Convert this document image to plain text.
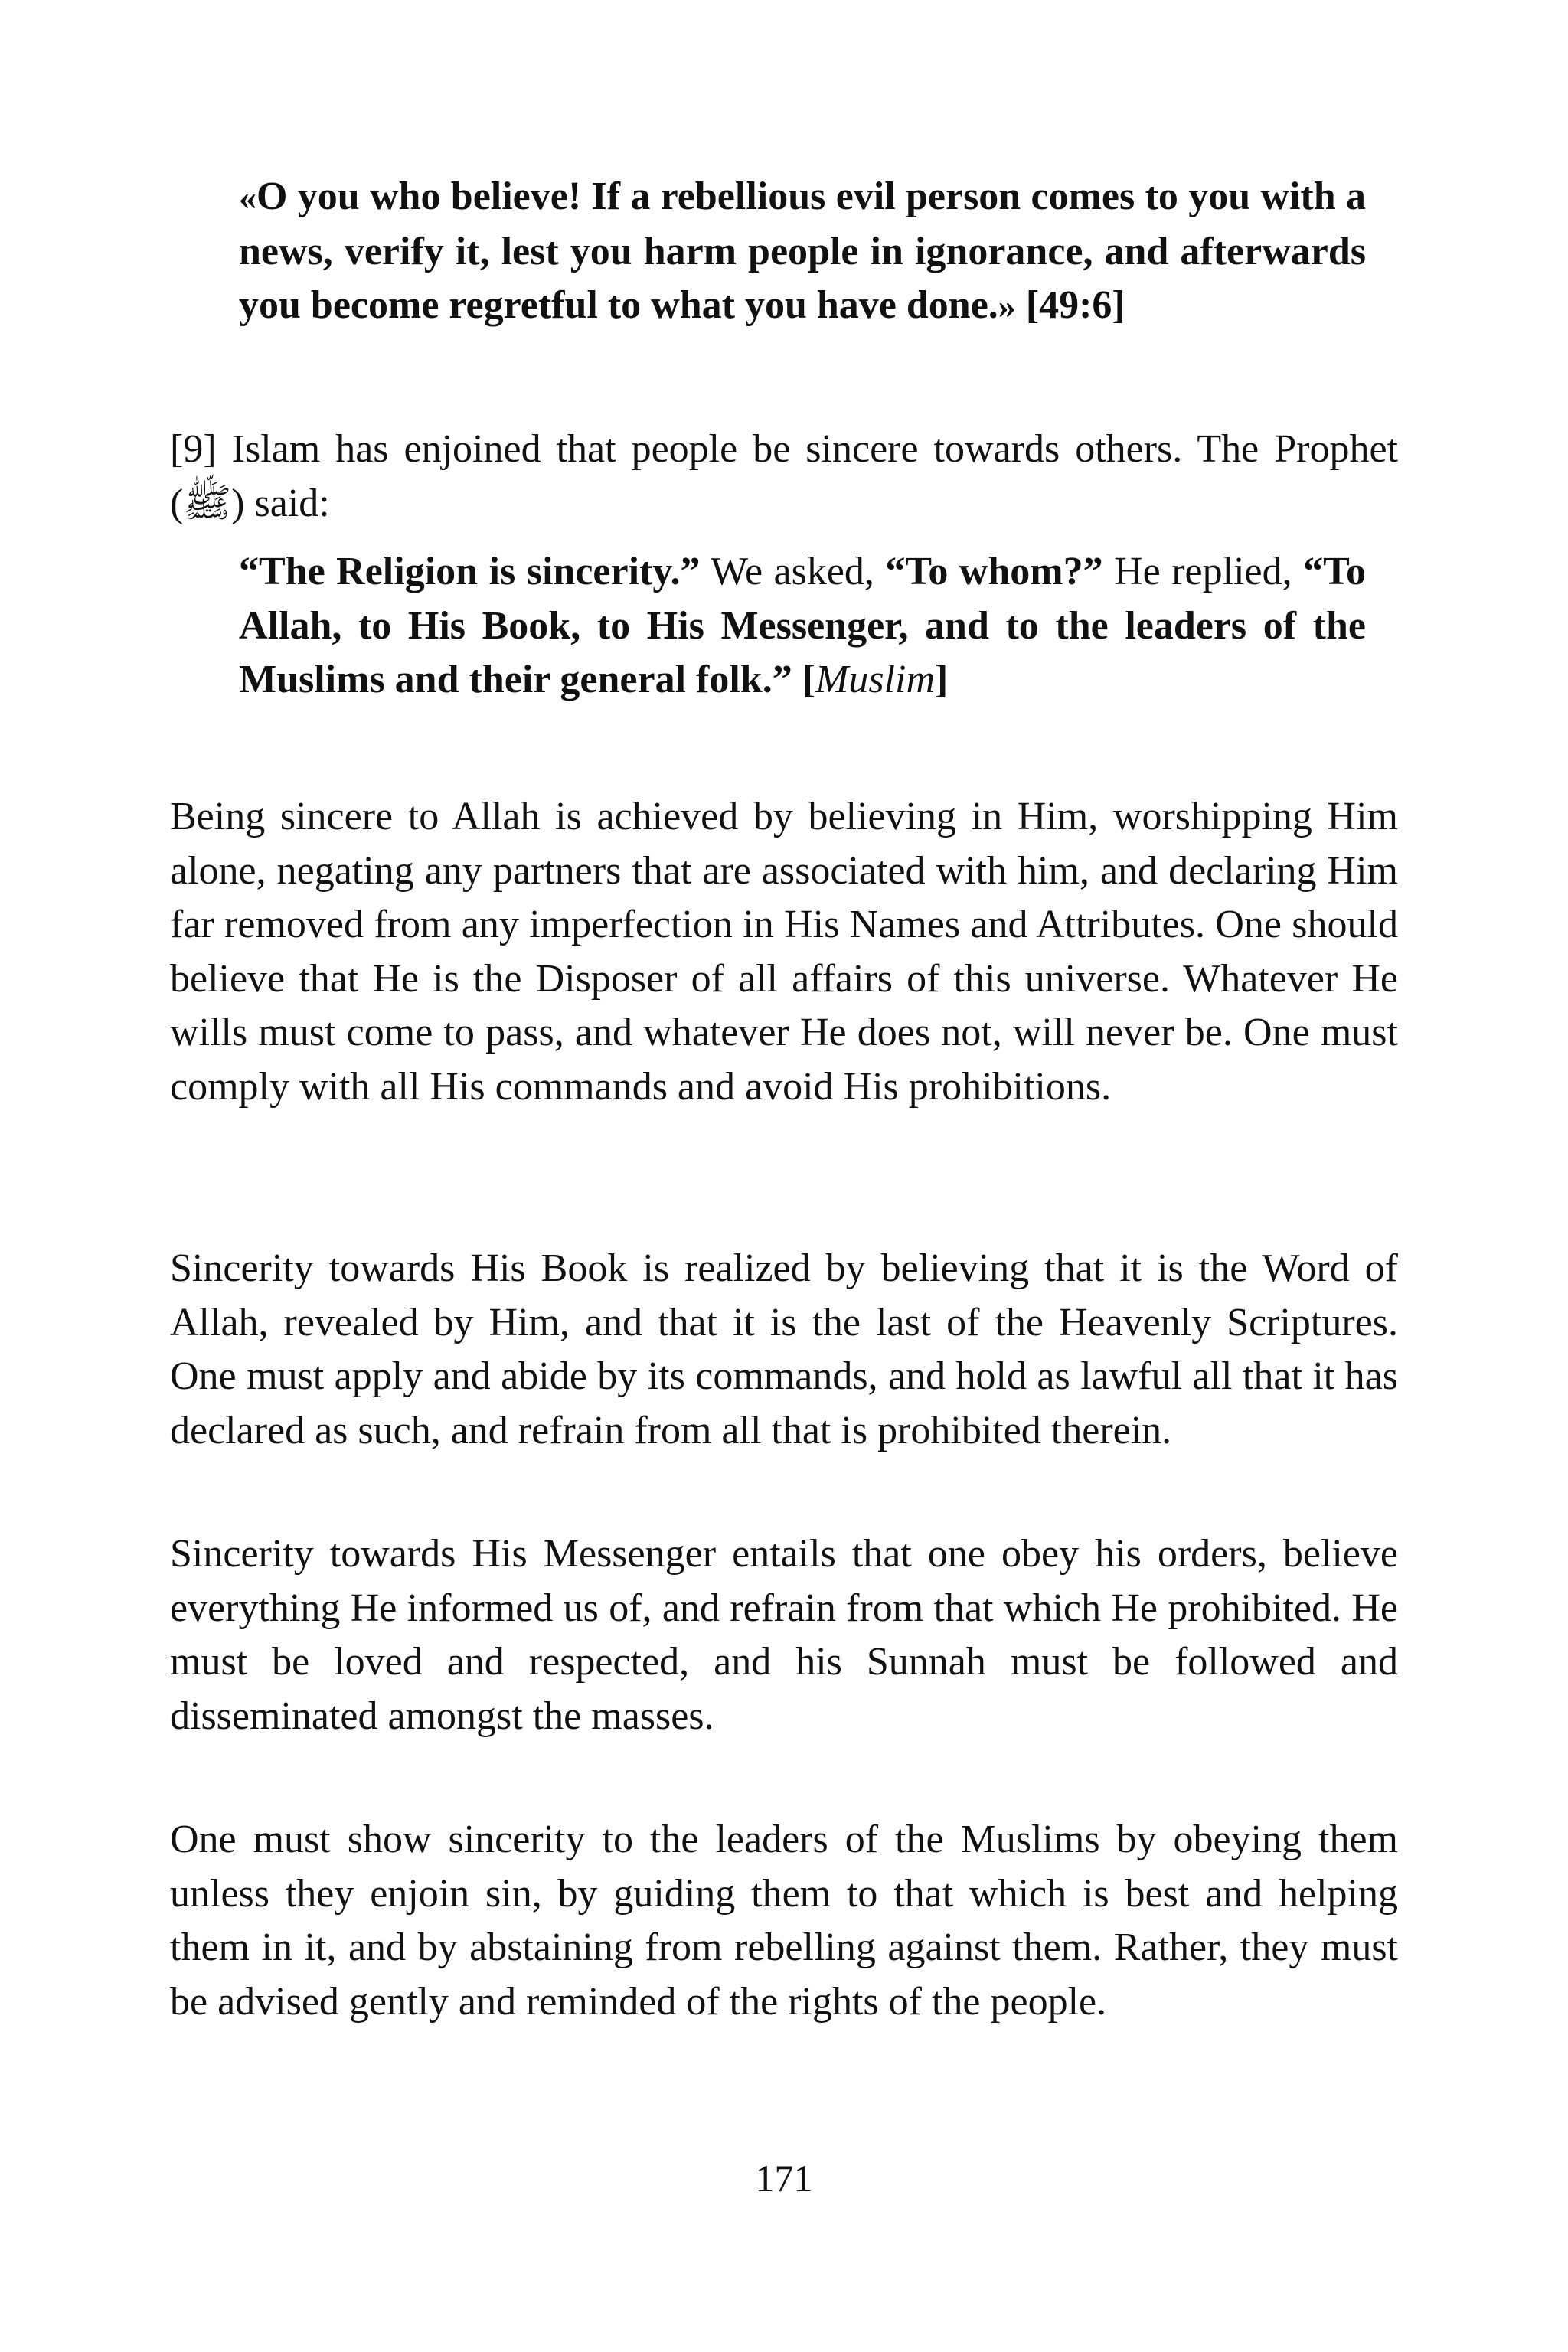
«O you who believe! If a rebellious evil person comes to you with a news, verify it, lest you harm people in ignorance, and afterwards you become regretful to what you have done.» [49:6]
[9] Islam has enjoined that people be sincere towards others. The Prophet (ﷺ) said:
“The Religion is sincerity.” We asked, “To whom?” He replied, “To Allah, to His Book, to His Messenger, and to the leaders of the Muslims and their general folk.” [Muslim]
Being sincere to Allah is achieved by believing in Him, worshipping Him alone, negating any partners that are associated with him, and declaring Him far removed from any imperfection in His Names and Attributes. One should believe that He is the Disposer of all affairs of this universe. Whatever He wills must come to pass, and whatever He does not, will never be. One must comply with all His commands and avoid His prohibitions.
Sincerity towards His Book is realized by believing that it is the Word of Allah, revealed by Him, and that it is the last of the Heavenly Scriptures. One must apply and abide by its commands, and hold as lawful all that it has declared as such, and refrain from all that is prohibited therein.
Sincerity towards His Messenger entails that one obey his orders, believe everything He informed us of, and refrain from that which He prohibited. He must be loved and respected, and his Sunnah must be followed and disseminated amongst the masses.
One must show sincerity to the leaders of the Muslims by obeying them unless they enjoin sin, by guiding them to that which is best and helping them in it, and by abstaining from rebelling against them. Rather, they must be advised gently and reminded of the rights of the people.
171
